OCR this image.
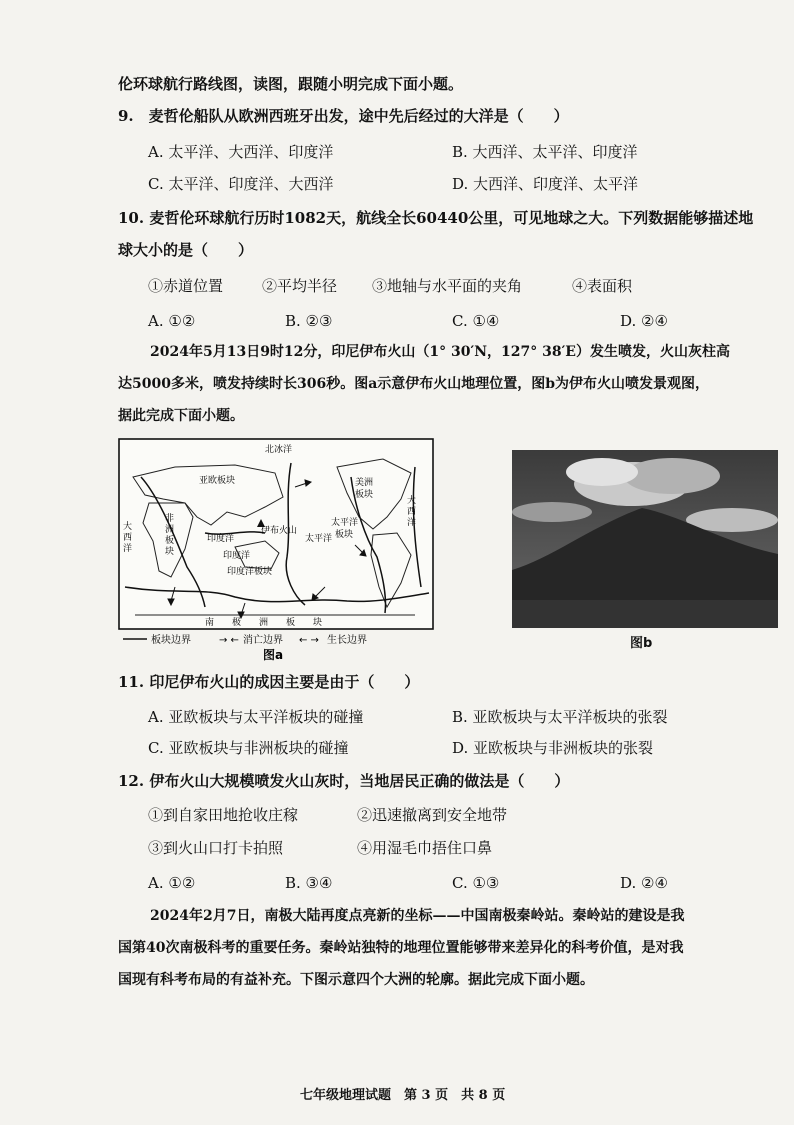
伦环球航行路线图，读图，跟随小明完成下面小题。
9.　麦哲伦船队从欧洲西班牙出发，途中先后经过的大洋是（　　）
A. 太平洋、大西洋、印度洋	B. 大西洋、太平洋、印度洋
C. 太平洋、印度洋、大西洋	D. 大西洋、印度洋、太平洋
10. 麦哲伦环球航行历时1082天，航线全长60440公里，可见地球之大。下列数据能够描述地
球大小的是（　　）
①赤道位置	②平均半径 ③地轴与水平面的夹角	④表面积
A. ①②	B. ②③	C. ①④	D. ②④
2024年5月13日9时12分，印尼伊布火山（1° 30′N，127° 38′E）发生喷发，火山灰柱高
达5000多米，喷发持续时长306秒。图a示意伊布火山地理位置，图b为伊布火山喷发景观图，
据此完成下面小题。
北冰洋
亚欧板块	美洲
板块
大
西
洋
非
洲
板
块
大
西
洋
伊布火山
印度洋
印度洋
印度洋板块
太平洋
太平洋
板块
南　　极　　洲　　板　　块
板块边界	→ ← 消亡边界 ← → 生长边界
图a
图b
11. 印尼伊布火山的成因主要是由于（　　）
A. 亚欧板块与太平洋板块的碰撞	B. 亚欧板块与太平洋板块的张裂
C. 亚欧板块与非洲板块的碰撞	D. 亚欧板块与非洲板块的张裂
12. 伊布火山大规模喷发火山灰时，当地居民正确的做法是（　　）
①到自家田地抢收庄稼	②迅速撤离到安全地带
③到火山口打卡拍照	④用湿毛巾捂住口鼻
A. ①②	B. ③④	C. ①③	D. ②④
2024年2月7日，南极大陆再度点亮新的坐标——中国南极秦岭站。秦岭站的建设是我
国第40次南极科考的重要任务。秦岭站独特的地理位置能够带来差异化的科考价值，是对我
国现有科考布局的有益补充。下图示意四个大洲的轮廓。据此完成下面小题。
七年级地理试题　第 3 页　共 8 页
